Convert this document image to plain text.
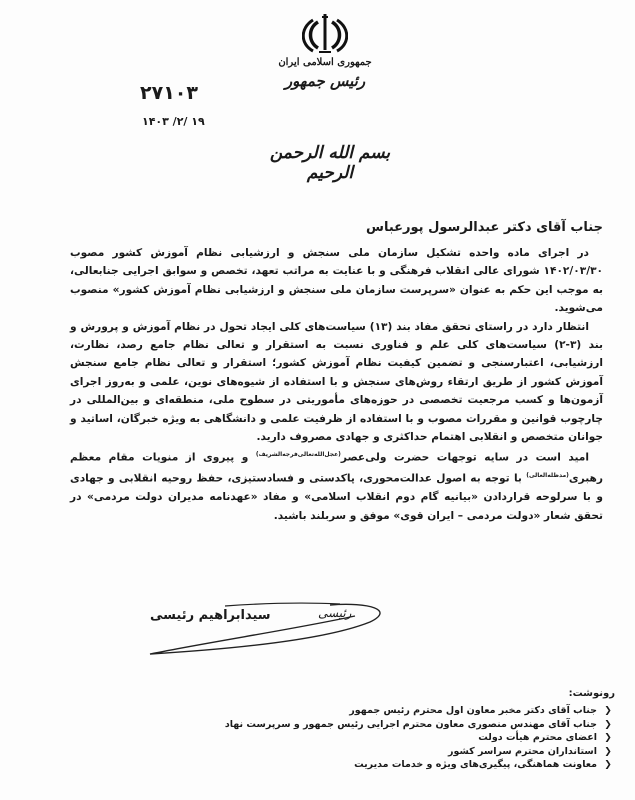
جمهوری اسلامی ایران
رئیس جمهور
۲۷۱۰۳
۱۴۰۳ /۲/ ۱۹
بسم الله الرحمن الرحیم
جناب آقای دکتر عبدالرسول پورعباس

در اجرای ماده واحده تشکیل سازمان ملی سنجش و ارزشیابی نظام آموزش کشور مصوب ۱۴۰۲/۰۳/۳۰ شورای عالی انقلاب فرهنگی و با عنایت به مراتب تعهد، تخصص و سوابق اجرایی جنابعالی، به موجب این حکم به عنوان «سرپرست سازمان ملی سنجش و ارزشیابی نظام آموزش کشور» منصوب می‌شوید.

انتظار دارد در راستای تحقق مفاد بند (۱۳) سیاست‌های کلی ایجاد تحول در نظام آموزش و پرورش و بند (۳-۲) سیاست‌های کلی علم و فناوری نسبت به استقرار و تعالی نظام جامع رصد، نظارت، ارزشیابی، اعتبارسنجی و تضمین کیفیت نظام آموزش کشور؛ استقرار و تعالی نظام جامع سنجش آموزش کشور از طریق ارتقاء روش‌های سنجش و با استفاده از شیوه‌های نوین، علمی و به‌روز اجرای آزمون‌ها و کسب مرجعیت تخصصی در حوزه‌های مأموریتی در سطوح ملی، منطقه‌ای و بین‌المللی در چارچوب قوانین و مقررات مصوب و با استفاده از ظرفیت علمی و دانشگاهی به ویژه خبرگان، اساتید و جوانان متخصص و انقلابی اهتمام حداکثری و جهادی مصروف دارید.

امید است در سایه توجهات حضرت ولی‌عصر$^{(عجل‌الله‌تعالی‌فرجه‌الشریف)}$ و پیروی از منویات مقام معظم رهبری$^{(مدظله‌العالی)}$ با توجه به اصول عدالت‌محوری، پاکدستی و فسادستیزی، حفظ روحیه انقلابی و جهادی و با سرلوحه قراردادن «بیانیه گام دوم انقلاب اسلامی» و مفاد «عهدنامه مدیران دولت مردمی» در تحقق شعار «دولت مردمی – ایران قوی» موفق و سربلند باشید.

رئیسی
سیدابراهیم رئیسی
رونوشت:
❮جناب آقای دکتر مخبر معاون اول محترم رئیس جمهور
❮جناب آقای مهندس منصوری معاون محترم اجرایی رئیس جمهور و سرپرست نهاد
❮اعضای محترم هیأت دولت
❮استانداران محترم سراسر کشور
❮معاونت هماهنگی، پیگیری‌های ویژه و خدمات مدیریت
